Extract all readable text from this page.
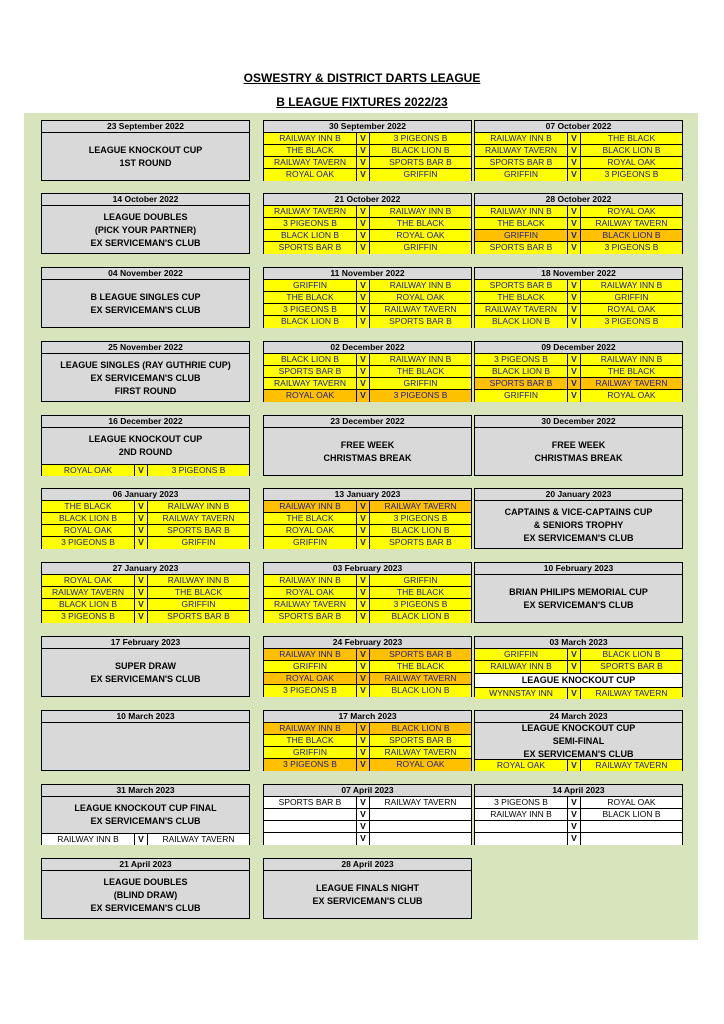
OSWESTRY & DISTRICT DARTS LEAGUE
B LEAGUE FIXTURES 2022/23
23 September 2022
LEAGUE KNOCKOUT CUP
1ST ROUND
30 September 2022
RAILWAY INN B	V	3 PIGEONS B
THE BLACK	V	BLACK LION B
RAILWAY TAVERN	V	SPORTS BAR B
ROYAL OAK	V	GRIFFIN
07 October 2022
RAILWAY INN B	V	THE BLACK
RAILWAY TAVERN	V	BLACK LION B
SPORTS BAR B	V	ROYAL OAK
GRIFFIN	V	3 PIGEONS B
14 October 2022
LEAGUE DOUBLES
(PICK YOUR PARTNER)
EX SERVICEMAN'S CLUB
21 October 2022
RAILWAY TAVERN	V	RAILWAY INN B
3 PIGEONS B	V	THE BLACK
BLACK LION B	V	ROYAL OAK
SPORTS BAR B	V	GRIFFIN
28 October 2022
RAILWAY INN B	V	ROYAL OAK
THE BLACK	V	RAILWAY TAVERN
GRIFFIN	V	BLACK LION B
SPORTS BAR B	V	3 PIGEONS B
04 November 2022
B LEAGUE SINGLES CUP
EX SERVICEMAN'S CLUB
11 November 2022
GRIFFIN	V	RAILWAY INN B
THE BLACK	V	ROYAL OAK
3 PIGEONS B	V	RAILWAY TAVERN
BLACK LION B	V	SPORTS BAR B
18 November 2022
SPORTS BAR B	V	RAILWAY INN B
THE BLACK	V	GRIFFIN
RAILWAY TAVERN	V	ROYAL OAK
BLACK LION B	V	3 PIGEONS B
25 November 2022
LEAGUE SINGLES (RAY GUTHRIE CUP)
EX SERVICEMAN'S CLUB
FIRST ROUND
02 December 2022
BLACK LION B	V	RAILWAY INN B
SPORTS BAR B	V	THE BLACK
RAILWAY TAVERN	V	GRIFFIN
ROYAL OAK	V	3 PIGEONS B
09 December 2022
3 PIGEONS B	V	RAILWAY INN B
BLACK LION B	V	THE BLACK
SPORTS BAR B	V	RAILWAY TAVERN
GRIFFIN	V	ROYAL OAK
16 December 2022
LEAGUE KNOCKOUT CUP
2ND ROUND
ROYAL OAK	V	3 PIGEONS B
23 December 2022
FREE WEEK
CHRISTMAS BREAK
30 December 2022
FREE WEEK
CHRISTMAS BREAK
06 January 2023
THE BLACK	V	RAILWAY INN B
BLACK LION B	V	RAILWAY TAVERN
ROYAL OAK	V	SPORTS BAR B
3 PIGEONS B	V	GRIFFIN
13 January 2023
RAILWAY INN B	V	RAILWAY TAVERN
THE BLACK	V	3 PIGEONS B
ROYAL OAK	V	BLACK LION B
GRIFFIN	V	SPORTS BAR B
20 January 2023
CAPTAINS & VICE-CAPTAINS CUP
& SENIORS TROPHY
EX SERVICEMAN'S CLUB
27 January 2023
ROYAL OAK	V	RAILWAY INN B
RAILWAY TAVERN	V	THE BLACK
BLACK LION B	V	GRIFFIN
3 PIGEONS B	V	SPORTS BAR B
03 February 2023
RAILWAY INN B	V	GRIFFIN
ROYAL OAK	V	THE BLACK
RAILWAY TAVERN	V	3 PIGEONS B
SPORTS BAR B	V	BLACK LION B
10 February 2023
BRIAN PHILIPS MEMORIAL CUP
EX SERVICEMAN'S CLUB
17 February 2023
SUPER DRAW
EX SERVICEMAN'S CLUB
24 February 2023
RAILWAY INN B	V	SPORTS BAR B
GRIFFIN	V	THE BLACK
ROYAL OAK	V	RAILWAY TAVERN
3 PIGEONS B	V	BLACK LION B
03 March 2023
GRIFFIN	V	BLACK LION B
RAILWAY INN B	V	SPORTS BAR B
LEAGUE KNOCKOUT CUP
WYNNSTAY INN	V	RAILWAY TAVERN
10 March 2023	17 March 2023
RAILWAY INN B	V	BLACK LION B
THE BLACK	V	SPORTS BAR B
GRIFFIN	V	RAILWAY TAVERN
3 PIGEONS B	V	ROYAL OAK
24 March 2023
LEAGUE KNOCKOUT CUP
SEMI-FINAL
EX SERVICEMAN'S CLUB
ROYAL OAK	V	RAILWAY TAVERN
31 March 2023
LEAGUE KNOCKOUT CUP FINAL
EX SERVICEMAN'S CLUB
RAILWAY INN B	V	RAILWAY TAVERN
07 April 2023
SPORTS BAR B	V	RAILWAY TAVERN
V
V
V
14 April 2023
3 PIGEONS B	V	ROYAL OAK
RAILWAY INN B	V	BLACK LION B
V
V
21 April 2023
LEAGUE DOUBLES
(BLIND DRAW)
EX SERVICEMAN'S CLUB
28 April 2023
LEAGUE FINALS NIGHT
EX SERVICEMAN'S CLUB
